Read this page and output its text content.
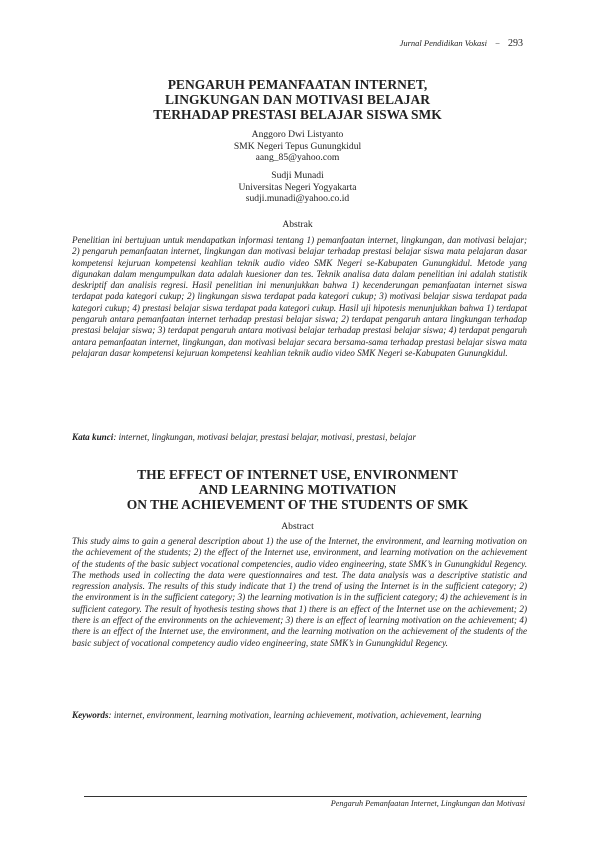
Jurnal Pendidikan Vokasi − 293
PENGARUH PEMANFAATAN INTERNET,
LINGKUNGAN DAN MOTIVASI BELAJAR
TERHADAP PRESTASI BELAJAR SISWA SMK
Anggoro Dwi Listyanto
SMK Negeri Tepus Gunungkidul
aang_85@yahoo.com
Sudji Munadi
Universitas Negeri Yogyakarta
sudji.munadi@yahoo.co.id
Abstrak
Penelitian ini bertujuan untuk mendapatkan informasi tentang 1) pemanfaatan internet, lingkungan, dan motivasi belajar; 2) pengaruh pemanfaatan internet, lingkungan dan motivasi belajar terhadap prestasi belajar siswa mata pelajaran dasar kompetensi kejuruan kompetensi keahlian teknik audio video SMK Negeri se-Kabupaten Gunungkidul. Metode yang digunakan dalam mengumpulkan data adalah kuesioner dan tes. Teknik analisa data dalam penelitian ini adalah statistik deskriptif dan analisis regresi. Hasil penelitian ini menunjukkan bahwa 1) kecenderungan pemanfaatan internet siswa terdapat pada kategori cukup; 2) lingkungan siswa terdapat pada kategori cukup; 3) motivasi belajar siswa terdapat pada kategori cukup; 4) prestasi belajar siswa terdapat pada kategori cukup. Hasil uji hipotesis menunjukkan bahwa 1) terdapat pengaruh antara pemanfaatan internet terhadap prestasi belajar siswa; 2) terdapat pengaruh antara lingkungan terhadap prestasi belajar siswa; 3) terdapat pengaruh antara motivasi belajar terhadap prestasi belajar siswa; 4) terdapat pengaruh antara pemanfaatan internet, lingkungan, dan motivasi belajar secara bersama-sama terhadap prestasi belajar siswa mata pelajaran dasar kompetensi kejuruan kompetensi keahlian teknik audio video SMK Negeri se-Kabupaten Gunungkidul.
Kata kunci: internet, lingkungan, motivasi belajar, prestasi belajar, motivasi, prestasi, belajar
THE EFFECT OF INTERNET USE, ENVIRONMENT
AND LEARNING MOTIVATION
ON THE ACHIEVEMENT OF THE STUDENTS OF SMK
Abstract
This study aims to gain a general description about 1) the use of the Internet, the environment, and learning motivation on the achievement of the students; 2) the effect of the Internet use, environment, and learning motivation on the achievement of the students of the basic subject vocational competencies, audio video engineering, state SMK’s in Gunungkidul Regency. The methods used in collecting the data were questionnaires and test. The data analysis was a descriptive statistic and regression analysis. The results of this study indicate that 1) the trend of using the Internet is in the sufficient category; 2) the environment is in the sufficient category; 3) the learning motivation is in the sufficient category; 4) the achievement is in sufficient category. The result of hyothesis testing shows that 1) there is an effect of the Internet use on the achievement; 2) there is an effect of the environments on the achievement; 3) there is an effect of learning motivation on the achievement; 4) there is an effect of the Internet use, the environment, and the learning motivation on the achievement of the students of the basic subject of vocational competency audio video engineering, state SMK’s in Gunungkidul Regency.
Keywords: internet, environment, learning motivation, learning achievement, motivation, achievement, learning
Pengaruh Pemanfaatan Internet, Lingkungan dan Motivasi
